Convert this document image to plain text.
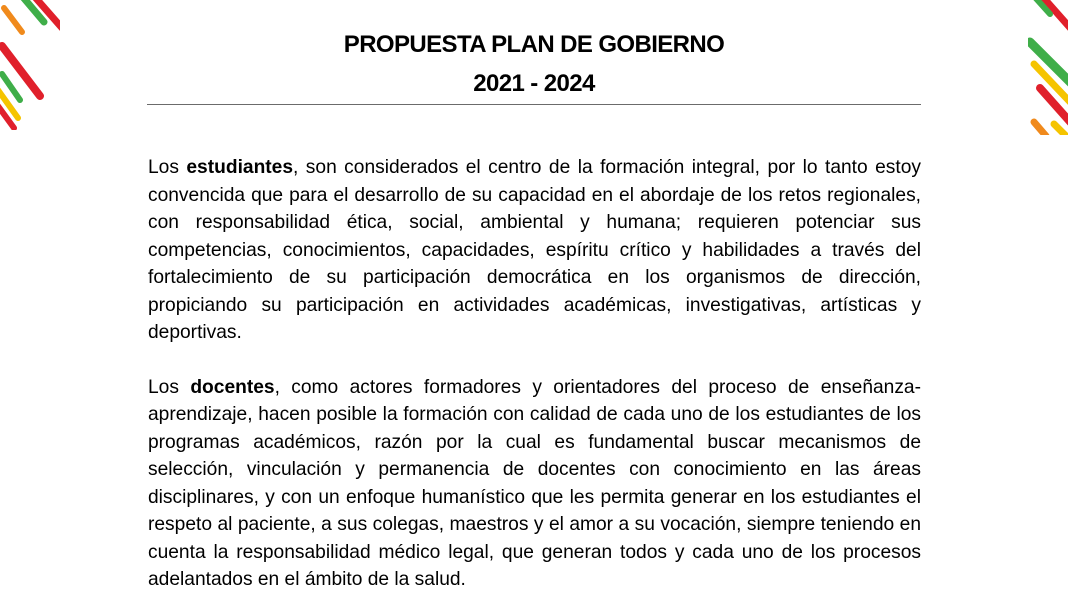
PROPUESTA PLAN DE GOBIERNO
2021 - 2024

Los estudiantes, son considerados el centro de la formación integral, por lo tanto estoy convencida que para el desarrollo de su capacidad en el abordaje de los retos regionales, con responsabilidad ética, social, ambiental y humana; requieren potenciar sus competencias, conocimientos, capacidades, espíritu crítico y habilidades a través del fortalecimiento de su participación democrática en los organismos de dirección, propiciando su participación en actividades académicas, investigativas, artísticas y deportivas.

Los docentes, como actores formadores y orientadores del proceso de enseñanza-aprendizaje, hacen posible la formación con calidad de cada uno de los estudiantes de los programas académicos, razón por la cual es fundamental buscar mecanismos de selección, vinculación y permanencia de docentes con conocimiento en las áreas disciplinares, y con un enfoque humanístico que les permita generar en los estudiantes el respeto al paciente, a sus colegas, maestros y el amor a su vocación, siempre teniendo en cuenta la responsabilidad médico legal, que generan todos y cada uno de los procesos adelantados en el ámbito de la salud.
